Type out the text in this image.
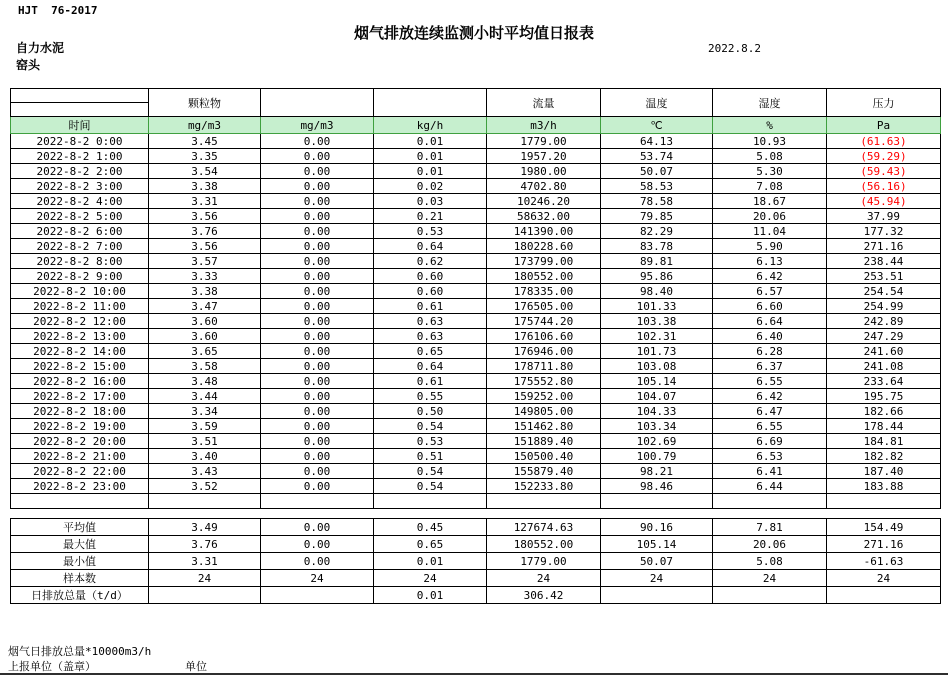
HJT  76-2017
烟气排放连续监测小时平均值日报表
2022.8.2
自力水泥
窑头
	颗粒物			流量	温度	湿度	压力

时间	mg/m3	mg/m3	kg/h	m3/h	℃	%	Pa
2022-8-2 0:00	3.45	0.00	0.01	1779.00	64.13	10.93	(61.63)
2022-8-2 1:00	3.35	0.00	0.01	1957.20	53.74	5.08	(59.29)
2022-8-2 2:00	3.54	0.00	0.01	1980.00	50.07	5.30	(59.43)
2022-8-2 3:00	3.38	0.00	0.02	4702.80	58.53	7.08	(56.16)
2022-8-2 4:00	3.31	0.00	0.03	10246.20	78.58	18.67	(45.94)
2022-8-2 5:00	3.56	0.00	0.21	58632.00	79.85	20.06	37.99
2022-8-2 6:00	3.76	0.00	0.53	141390.00	82.29	11.04	177.32
2022-8-2 7:00	3.56	0.00	0.64	180228.60	83.78	5.90	271.16
2022-8-2 8:00	3.57	0.00	0.62	173799.00	89.81	6.13	238.44
2022-8-2 9:00	3.33	0.00	0.60	180552.00	95.86	6.42	253.51
2022-8-2 10:00	3.38	0.00	0.60	178335.00	98.40	6.57	254.54
2022-8-2 11:00	3.47	0.00	0.61	176505.00	101.33	6.60	254.99
2022-8-2 12:00	3.60	0.00	0.63	175744.20	103.38	6.64	242.89
2022-8-2 13:00	3.60	0.00	0.63	176106.60	102.31	6.40	247.29
2022-8-2 14:00	3.65	0.00	0.65	176946.00	101.73	6.28	241.60
2022-8-2 15:00	3.58	0.00	0.64	178711.80	103.08	6.37	241.08
2022-8-2 16:00	3.48	0.00	0.61	175552.80	105.14	6.55	233.64
2022-8-2 17:00	3.44	0.00	0.55	159252.00	104.07	6.42	195.75
2022-8-2 18:00	3.34	0.00	0.50	149805.00	104.33	6.47	182.66
2022-8-2 19:00	3.59	0.00	0.54	151462.80	103.34	6.55	178.44
2022-8-2 20:00	3.51	0.00	0.53	151889.40	102.69	6.69	184.81
2022-8-2 21:00	3.40	0.00	0.51	150500.40	100.79	6.53	182.82
2022-8-2 22:00	3.43	0.00	0.54	155879.40	98.21	6.41	187.40
2022-8-2 23:00	3.52	0.00	0.54	152233.80	98.46	6.44	183.88

平均值	3.49	0.00	0.45	127674.63	90.16	7.81	154.49
最大值	3.76	0.00	0.65	180552.00	105.14	20.06	271.16
最小值	3.31	0.00	0.01	1779.00	50.07	5.08	-61.63
样本数	24	24	24	24	24	24	24
日排放总量（t/d）			0.01	306.42			
烟气日排放总量*10000m3/h
上报单位（盖章）	单位
